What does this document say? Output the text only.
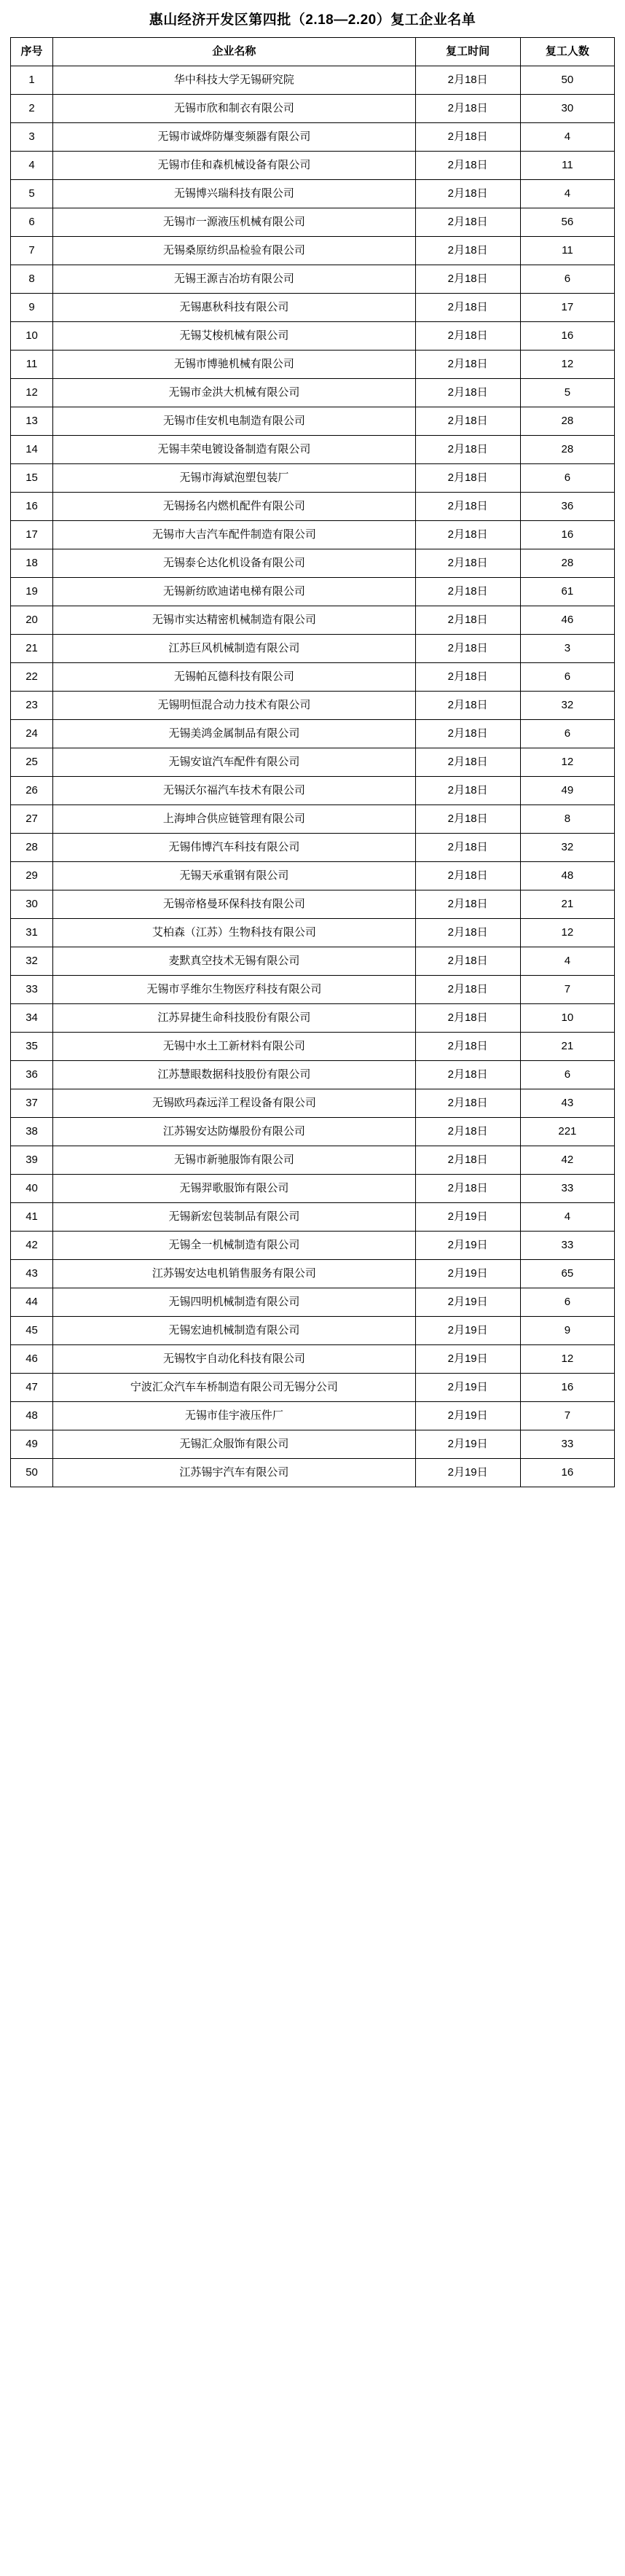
惠山经济开发区第四批（2.18—2.20）复工企业名单
序号	企业名称	复工时间	复工人数
1	华中科技大学无锡研究院	2月18日	50
2	无锡市欣和制衣有限公司	2月18日	30
3	无锡市诚烨防爆变频器有限公司	2月18日	4
4	无锡市佳和森机械设备有限公司	2月18日	11
5	无锡博兴瑞科技有限公司	2月18日	4
6	无锡市一源液压机械有限公司	2月18日	56
7	无锡桑原纺织品检验有限公司	2月18日	11
8	无锡王源吉冶坊有限公司	2月18日	6
9	无锡惠秋科技有限公司	2月18日	17
10	无锡艾梭机械有限公司	2月18日	16
11	无锡市博驰机械有限公司	2月18日	12
12	无锡市金洪大机械有限公司	2月18日	5
13	无锡市佳安机电制造有限公司	2月18日	28
14	无锡丰荣电镀设备制造有限公司	2月18日	28
15	无锡市海斌泡塑包装厂	2月18日	6
16	无锡扬名内燃机配件有限公司	2月18日	36
17	无锡市大吉汽车配件制造有限公司	2月18日	16
18	无锡泰仑达化机设备有限公司	2月18日	28
19	无锡新纺欧迪诺电梯有限公司	2月18日	61
20	无锡市实达精密机械制造有限公司	2月18日	46
21	江苏巨风机械制造有限公司	2月18日	3
22	无锡帕瓦德科技有限公司	2月18日	6
23	无锡明恒混合动力技术有限公司	2月18日	32
24	无锡美鸿金属制品有限公司	2月18日	6
25	无锡安谊汽车配件有限公司	2月18日	12
26	无锡沃尔福汽车技术有限公司	2月18日	49
27	上海坤合供应链管理有限公司	2月18日	8
28	无锡伟博汽车科技有限公司	2月18日	32
29	无锡天承重钢有限公司	2月18日	48
30	无锡帝格曼环保科技有限公司	2月18日	21
31	艾柏森（江苏）生物科技有限公司	2月18日	12
32	麦默真空技术无锡有限公司	2月18日	4
33	无锡市孚维尔生物医疗科技有限公司	2月18日	7
34	江苏昇捷生命科技股份有限公司	2月18日	10
35	无锡中水土工新材料有限公司	2月18日	21
36	江苏慧眼数据科技股份有限公司	2月18日	6
37	无锡欧玛森远洋工程设备有限公司	2月18日	43
38	江苏锡安达防爆股份有限公司	2月18日	221
39	无锡市新驰服饰有限公司	2月18日	42
40	无锡羿歌服饰有限公司	2月18日	33
41	无锡新宏包装制品有限公司	2月19日	4
42	无锡全一机械制造有限公司	2月19日	33
43	江苏锡安达电机销售服务有限公司	2月19日	65
44	无锡四明机械制造有限公司	2月19日	6
45	无锡宏迪机械制造有限公司	2月19日	9
46	无锡牧宇自动化科技有限公司	2月19日	12
47	宁波汇众汽车车桥制造有限公司无锡分公司	2月19日	16
48	无锡市佳宇液压件厂	2月19日	7
49	无锡汇众服饰有限公司	2月19日	33
50	江苏锡宇汽车有限公司	2月19日	16
